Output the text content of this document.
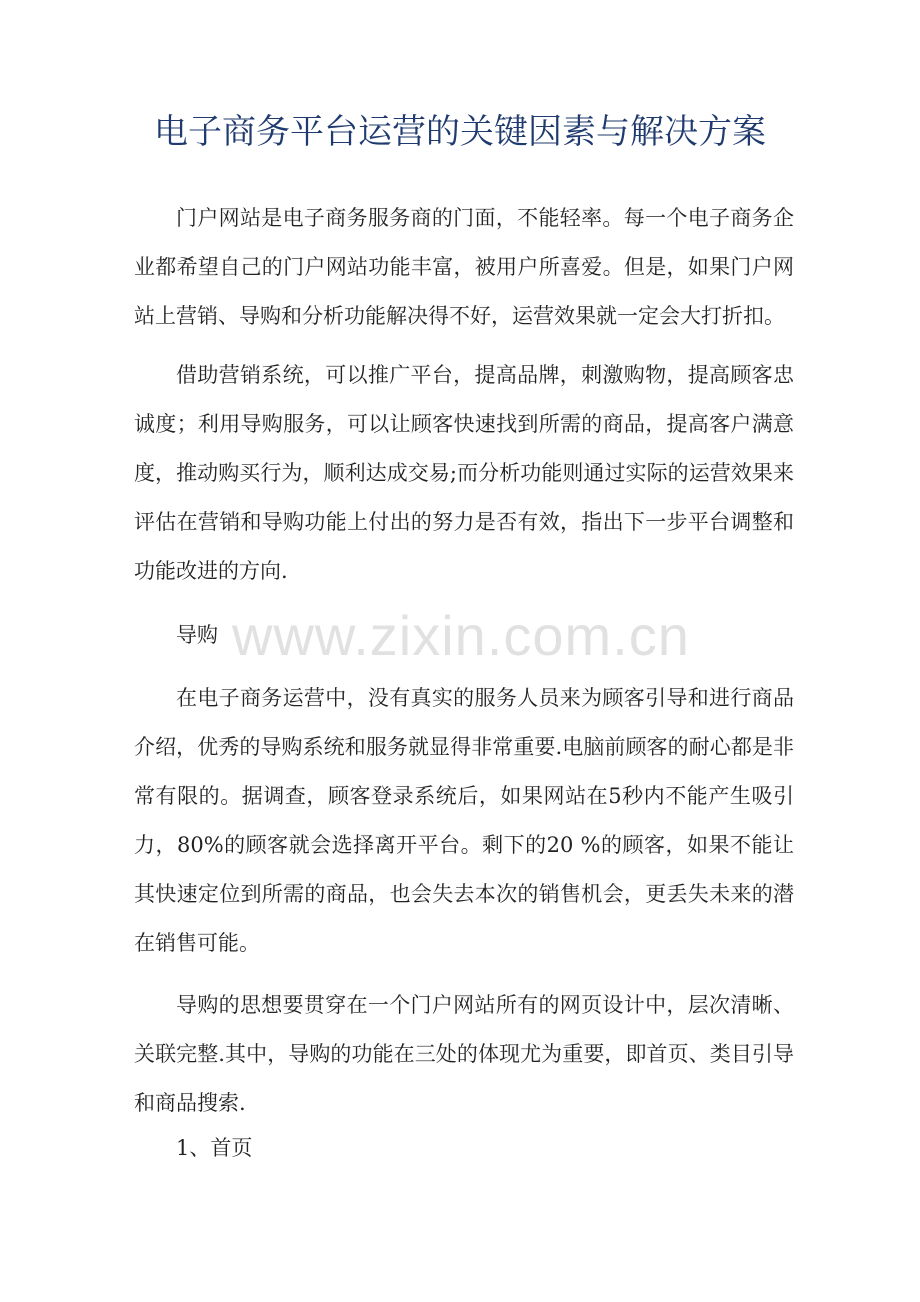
电子商务平台运营的关键因素与解决方案

门户网站是电子商务服务商的门面，不能轻率。每一个电子商务企业都希望自己的门户网站功能丰富，被用户所喜爱。但是，如果门户网站上营销、导购和分析功能解决得不好，运营效果就一定会大打折扣。

借助营销系统，可以推广平台，提高品牌，刺激购物，提高顾客忠诚度；利用导购服务，可以让顾客快速找到所需的商品，提高客户满意度，推动购买行为，顺利达成交易;而分析功能则通过实际的运营效果来评估在营销和导购功能上付出的努力是否有效，指出下一步平台调整和功能改进的方向.

导购

在电子商务运营中，没有真实的服务人员来为顾客引导和进行商品介绍，优秀的导购系统和服务就显得非常重要.电脑前顾客的耐心都是非常有限的。据调查，顾客登录系统后，如果网站在5秒内不能产生吸引力，80%的顾客就会选择离开平台。剩下的20 %的顾客，如果不能让其快速定位到所需的商品，也会失去本次的销售机会，更丢失未来的潜在销售可能。

导购的思想要贯穿在一个门户网站所有的网页设计中，层次清晰、关联完整.其中，导购的功能在三处的体现尤为重要，即首页、类目引导和商品搜索.

1、首页

www.zixin.com.cn
